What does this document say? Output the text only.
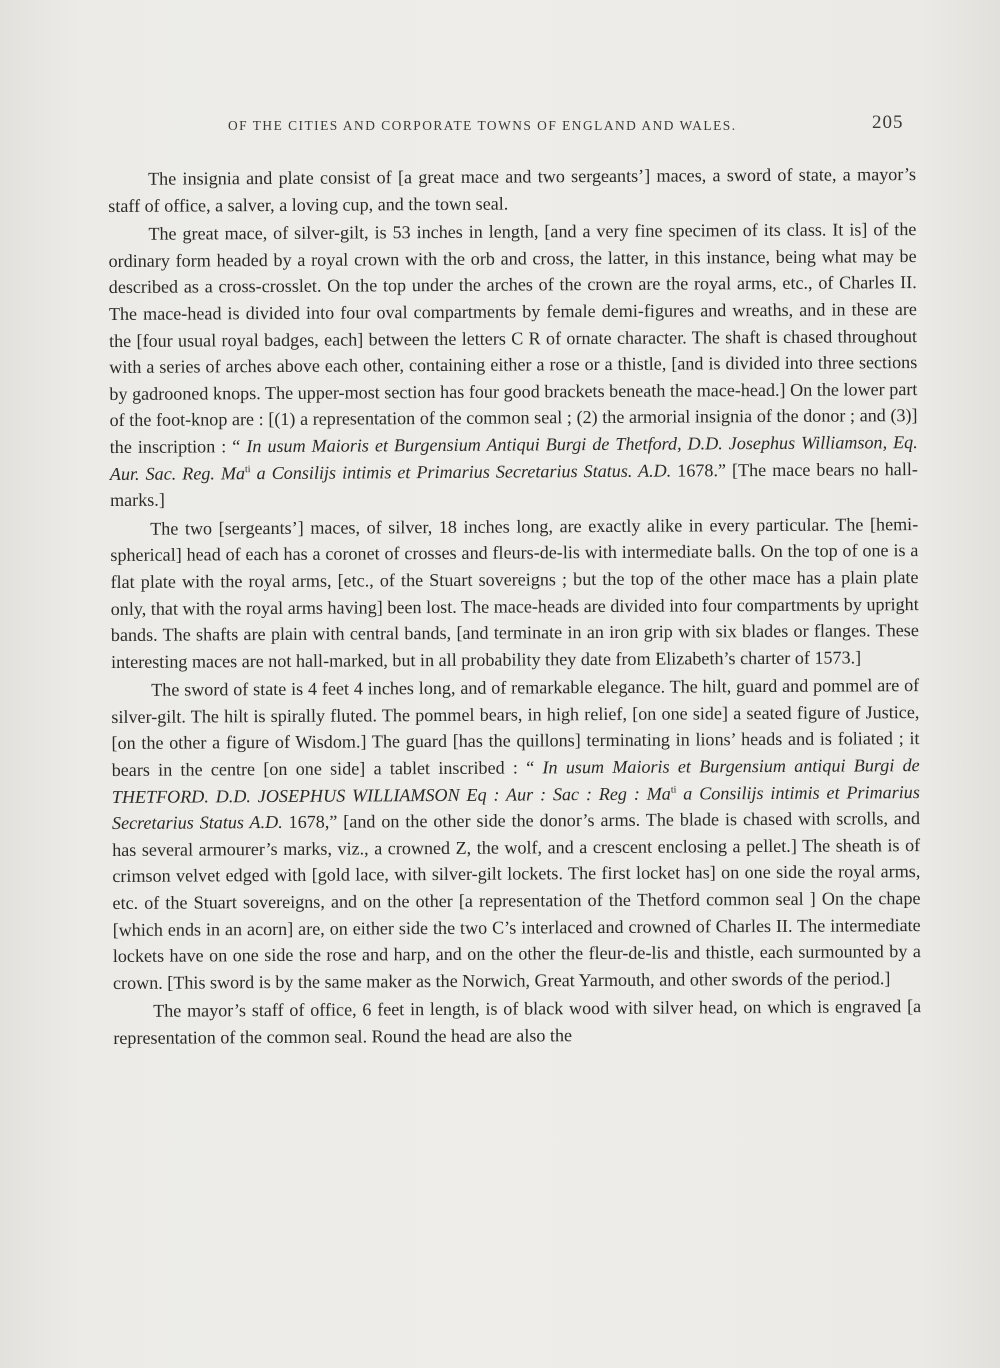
OF THE CITIES AND CORPORATE TOWNS OF ENGLAND AND WALES.	205

The insignia and plate consist of [a great mace and two sergeants’] maces, a sword of state, a mayor’s staff of office, a salver, a loving cup, and the town seal.

The great mace, of silver-gilt, is 53 inches in length, [and a very fine specimen of its class. It is] of the ordinary form headed by a royal crown with the orb and cross, the latter, in this instance, being what may be described as a cross-crosslet. On the top under the arches of the crown are the royal arms, etc., of Charles II. The mace-head is divided into four oval compartments by female demi-figures and wreaths, and in these are the [four usual royal badges, each] between the letters C R of ornate character. The shaft is chased throughout with a series of arches above each other, containing either a rose or a thistle, [and is divided into three sections by gadrooned knops. The upper-most section has four good brackets beneath the mace-head.] On the lower part of the foot-knop are : [(1) a representation of the common seal ; (2) the armorial insignia of the donor ; and (3)] the inscription : “ In usum Maioris et Burgensium Antiqui Burgi de Thetford, D.D. Josephus Williamson, Eq. Aur. Sac. Reg. $Ma^{ti}$ a Consilijs intimis et Primarius Secretarius Status. A.D. 1678.” [The mace bears no hall-marks.]

The two [sergeants’] maces, of silver, 18 inches long, are exactly alike in every particular. The [hemi-spherical] head of each has a coronet of crosses and fleurs-de-lis with intermediate balls. On the top of one is a flat plate with the royal arms, [etc., of the Stuart sovereigns ; but the top of the other mace has a plain plate only, that with the royal arms having] been lost. The mace-heads are divided into four compartments by upright bands. The shafts are plain with central bands, [and terminate in an iron grip with six blades or flanges. These interesting maces are not hall-marked, but in all probability they date from Elizabeth’s charter of 1573.]

The sword of state is 4 feet 4 inches long, and of remarkable elegance. The hilt, guard and pommel are of silver-gilt. The hilt is spirally fluted. The pommel bears, in high relief, [on one side] a seated figure of Justice, [on the other a figure of Wisdom.] The guard [has the quillons] terminating in lions’ heads and is foliated ; it bears in the centre [on one side] a tablet inscribed : “ In usum Maioris et Burgensium antiqui Burgi de THETFORD. D.D. JOSEPHUS WILLIAMSON Eq : Aur : Sac : Reg : $Ma^{ti}$ a Consilijs intimis et Primarius Secretarius Status A.D. 1678,” [and on the other side the donor’s arms. The blade is chased with scrolls, and has several armourer’s marks, viz., a crowned Z, the wolf, and a crescent enclosing a pellet.] The sheath is of crimson velvet edged with [gold lace, with silver-gilt lockets. The first locket has] on one side the royal arms, etc. of the Stuart sovereigns, and on the other [a representation of the Thetford common seal ] On the chape [which ends in an acorn] are, on either side the two C’s interlaced and crowned of Charles II. The intermediate lockets have on one side the rose and harp, and on the other the fleur-de-lis and thistle, each surmounted by a crown. [This sword is by the same maker as the Norwich, Great Yarmouth, and other swords of the period.]

The mayor’s staff of office, 6 feet in length, is of black wood with silver head, on which is engraved [a representation of the common seal. Round the head are also the
